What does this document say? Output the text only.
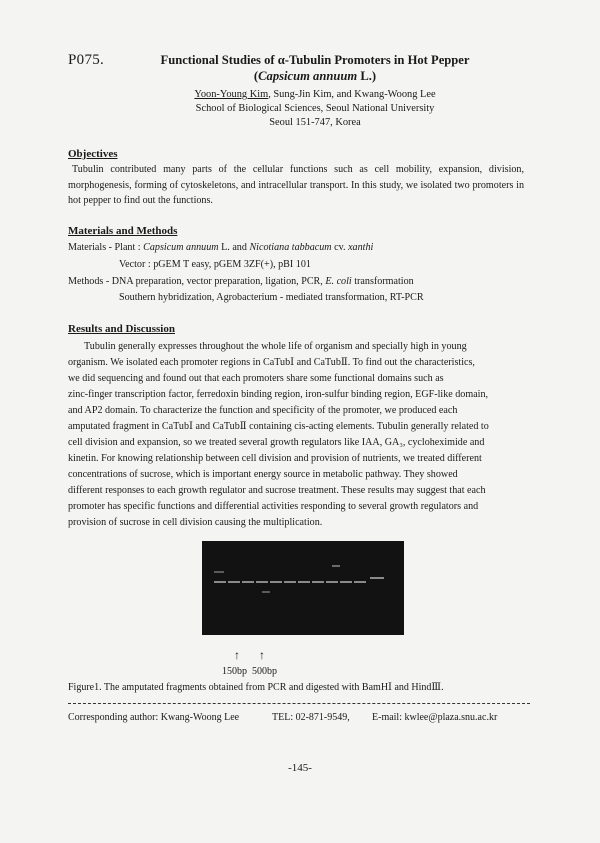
P075.	Functional Studies of α-Tubulin Promoters in Hot Pepper
(Capsicum annuum L.)
Yoon-Young Kim, Sung-Jin Kim, and Kwang-Woong Lee
School of Biological Sciences, Seoul National University
Seoul 151-747, Korea
Objectives
Tubulin contributed many parts of the cellular functions such as cell mobility, expansion, division, morphogenesis, forming of cytoskeletons, and intracellular transport. In this study, we isolated two promoters in hot pepper to find out the functions.
Materials and Methods
Materials - Plant : Capsicum annuum L. and Nicotiana tabbacum cv. xanthi
Vector : pGEM T easy, pGEM 3ZF(+), pBI 101
Methods - DNA preparation, vector preparation, ligation, PCR, E. coli transformation
Southern hybridization, Agrobacterium - mediated transformation, RT-PCR
Results and Discussion
Tubulin generally expresses throughout the whole life of organism and specially high in young
organism. We isolated each promoter regions in CaTubⅠ and CaTubⅡ. To find out the characteristics,
we did sequencing and found out that each promoters share some functional domains such as
zinc-finger transcription factor, ferredoxin binding region, iron-sulfur binding region, EGF-like domain,
and AP2 domain. To characterize the function and specificity of the promoter, we produced each
amputated fragment in CaTubⅠ and CaTubⅡ containing cis-acting elements. Tubulin generally related to
cell division and expansion, so we treated several growth regulators like IAA, GA₃, cycloheximide and
kinetin. For knowing relationship between cell division and provision of nutrients, we treated different
concentrations of sucrose, which is important energy source in metabolic pathway. They showed
different responses to each growth regulator and sucrose treatment. These results may suggest that each
promoter has specific functions and differential activities responding to several growth regulators and
provision of sucrose in cell division causing the multiplication.
↑ ↑
150bp 500bp
Figure1. The amputated fragments obtained from PCR and digested with BamHⅠ and HindⅢ.
Corresponding author: Kwang-Woong Lee	TEL: 02-871-9549, E-mail: kwlee@plaza.snu.ac.kr
-145-
